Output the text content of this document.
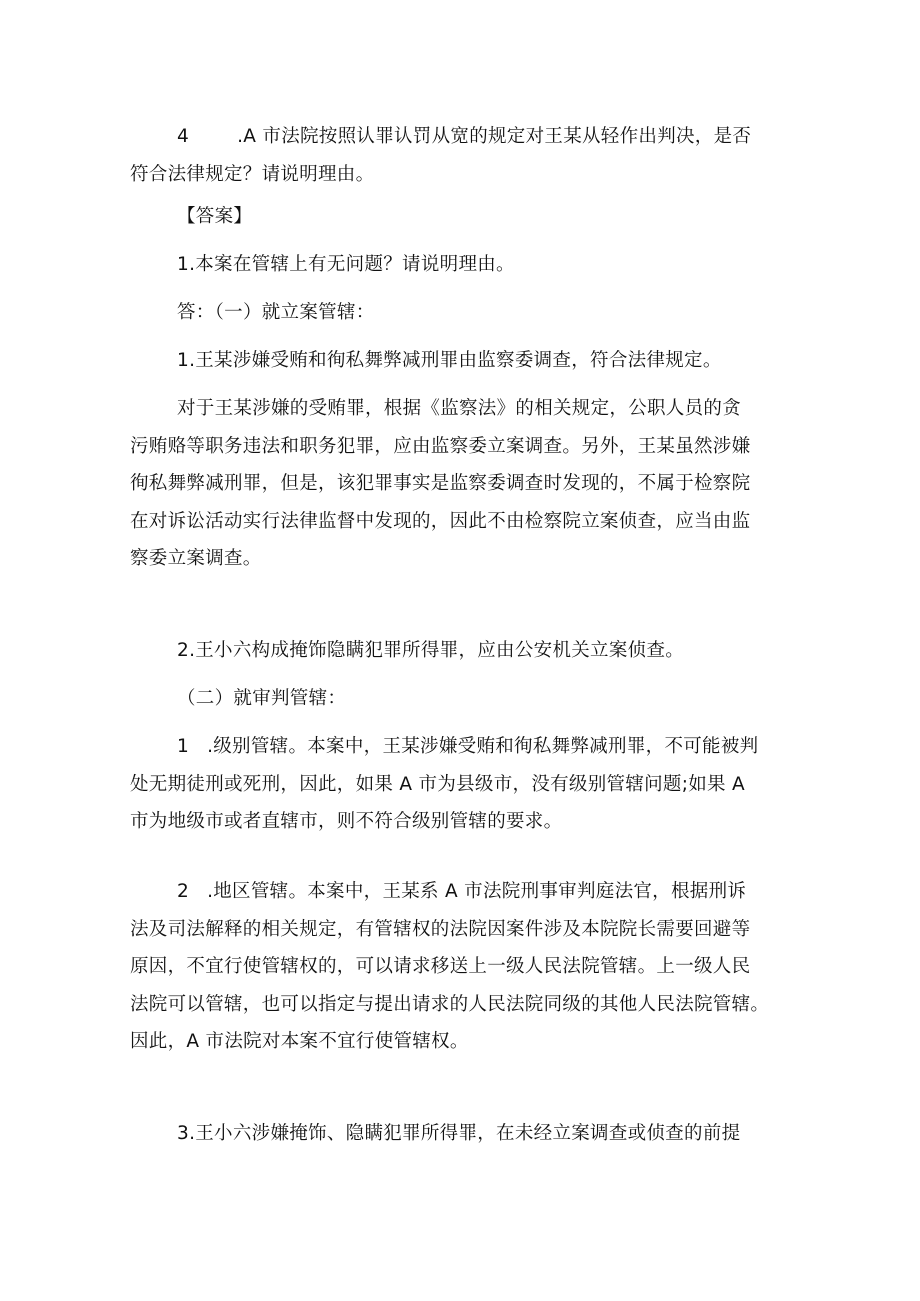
4	.A 市法院按照认罪认罚从宽的规定对王某从轻作出判决，是否
符合法律规定？请说明理由。

【答案】

1.本案在管辖上有无问题？请说明理由。

答：（一）就立案管辖：

1.王某涉嫌受贿和徇私舞弊减刑罪由监察委调查，符合法律规定。

对于王某涉嫌的受贿罪，根据《监察法》的相关规定，公职人员的贪
污贿赂等职务违法和职务犯罪，应由监察委立案调查。另外，王某虽然涉嫌
徇私舞弊减刑罪，但是，该犯罪事实是监察委调查时发现的，不属于检察院
在对诉讼活动实行法律监督中发现的，因此不由检察院立案侦查，应当由监
察委立案调查。

2.王小六构成掩饰隐瞒犯罪所得罪，应由公安机关立案侦查。

（二）就审判管辖：

1 .级别管辖。本案中，王某涉嫌受贿和徇私舞弊减刑罪，不可能被判
处无期徒刑或死刑，因此，如果 A 市为县级市，没有级别管辖问题;如果 A
市为地级市或者直辖市，则不符合级别管辖的要求。

2 .地区管辖。本案中，王某系 A 市法院刑事审判庭法官，根据刑诉
法及司法解释的相关规定，有管辖权的法院因案件涉及本院院长需要回避等
原因，不宜行使管辖权的，可以请求移送上一级人民法院管辖。上一级人民
法院可以管辖，也可以指定与提出请求的人民法院同级的其他人民法院管辖。
因此，A 市法院对本案不宜行使管辖权。

3.王小六涉嫌掩饰、隐瞒犯罪所得罪，在未经立案调查或侦查的前提
